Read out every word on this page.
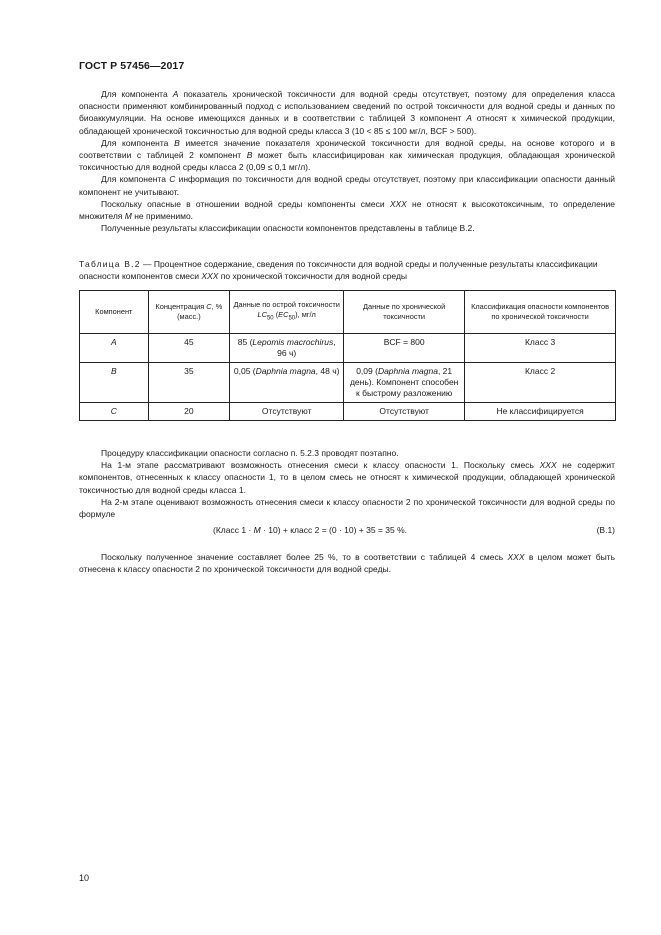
ГОСТ Р 57456—2017

Для компонента A показатель хронической токсичности для водной среды отсутствует, поэтому для определения класса опасности применяют комбинированный подход с использованием сведений по острой токсичности для водной среды и данных по биоаккумуляции. На основе имеющихся данных и в соответствии с таблицей 3 компонент A относят к химической продукции, обладающей хронической токсичностью для водной среды класса 3 (10 < 85 ≤ 100 мг/л, BCF > 500).

Для компонента B имеется значение показателя хронической токсичности для водной среды, на основе которого и в соответствии с таблицей 2 компонент B может быть классифицирован как химическая продукция, обладающая хронической токсичностью для водной среды класса 2 (0,09 ≤ 0,1 мг/л).

Для компонента C информация по токсичности для водной среды отсутствует, поэтому при классификации опасности данный компонент не учитывают.

Поскольку опасные в отношении водной среды компоненты смеси XXX не относят к высокотоксичным, то определение множителя M не применимо.

Полученные результаты классификации опасности компонентов представлены в таблице В.2.

Таблица В.2 — Процентное содержание, сведения по токсичности для водной среды и полученные результаты классификации опасности компонентов смеси XXX по хронической токсичности для водной среды
Компонент	Концентрация C, % (масс.)	Данные по острой токсичности $LC_{50}$ $(EC_{50})$, мг/л	Данные по хронической токсичности	Классификация опасности компонентов по хронической токсичности
A	45	85 (Lepomis macrochirus, 96 ч)	BCF = 800	Класс 3
B	35	0,05 (Daphnia magna, 48 ч)	0,09 (Daphnia magna, 21 день). Компонент способен к быстрому разложению	Класс 2
C	20	Отсутствуют	Отсутствуют	Не классифицируется

Процедуру классификации опасности согласно п. 5.2.3 проводят поэтапно.

На 1-м этапе рассматривают возможность отнесения смеси к классу опасности 1. Поскольку смесь XXX не содержит компонентов, отнесенных к классу опасности 1, то в целом смесь не относят к химической продукции, обладающей хронической токсичностью для водной среды класса 1.

На 2-м этапе оценивают возможность отнесения смеси к классу опасности 2 по хронической токсичности для водной среды по формуле

(Класс 1 · M · 10) + класс 2 = (0 · 10) + 35 = 35 %.	(В.1)

Поскольку полученное значение составляет более 25 %, то в соответствии с таблицей 4 смесь XXX в целом может быть отнесена к классу опасности 2 по хронической токсичности для водной среды.

10
